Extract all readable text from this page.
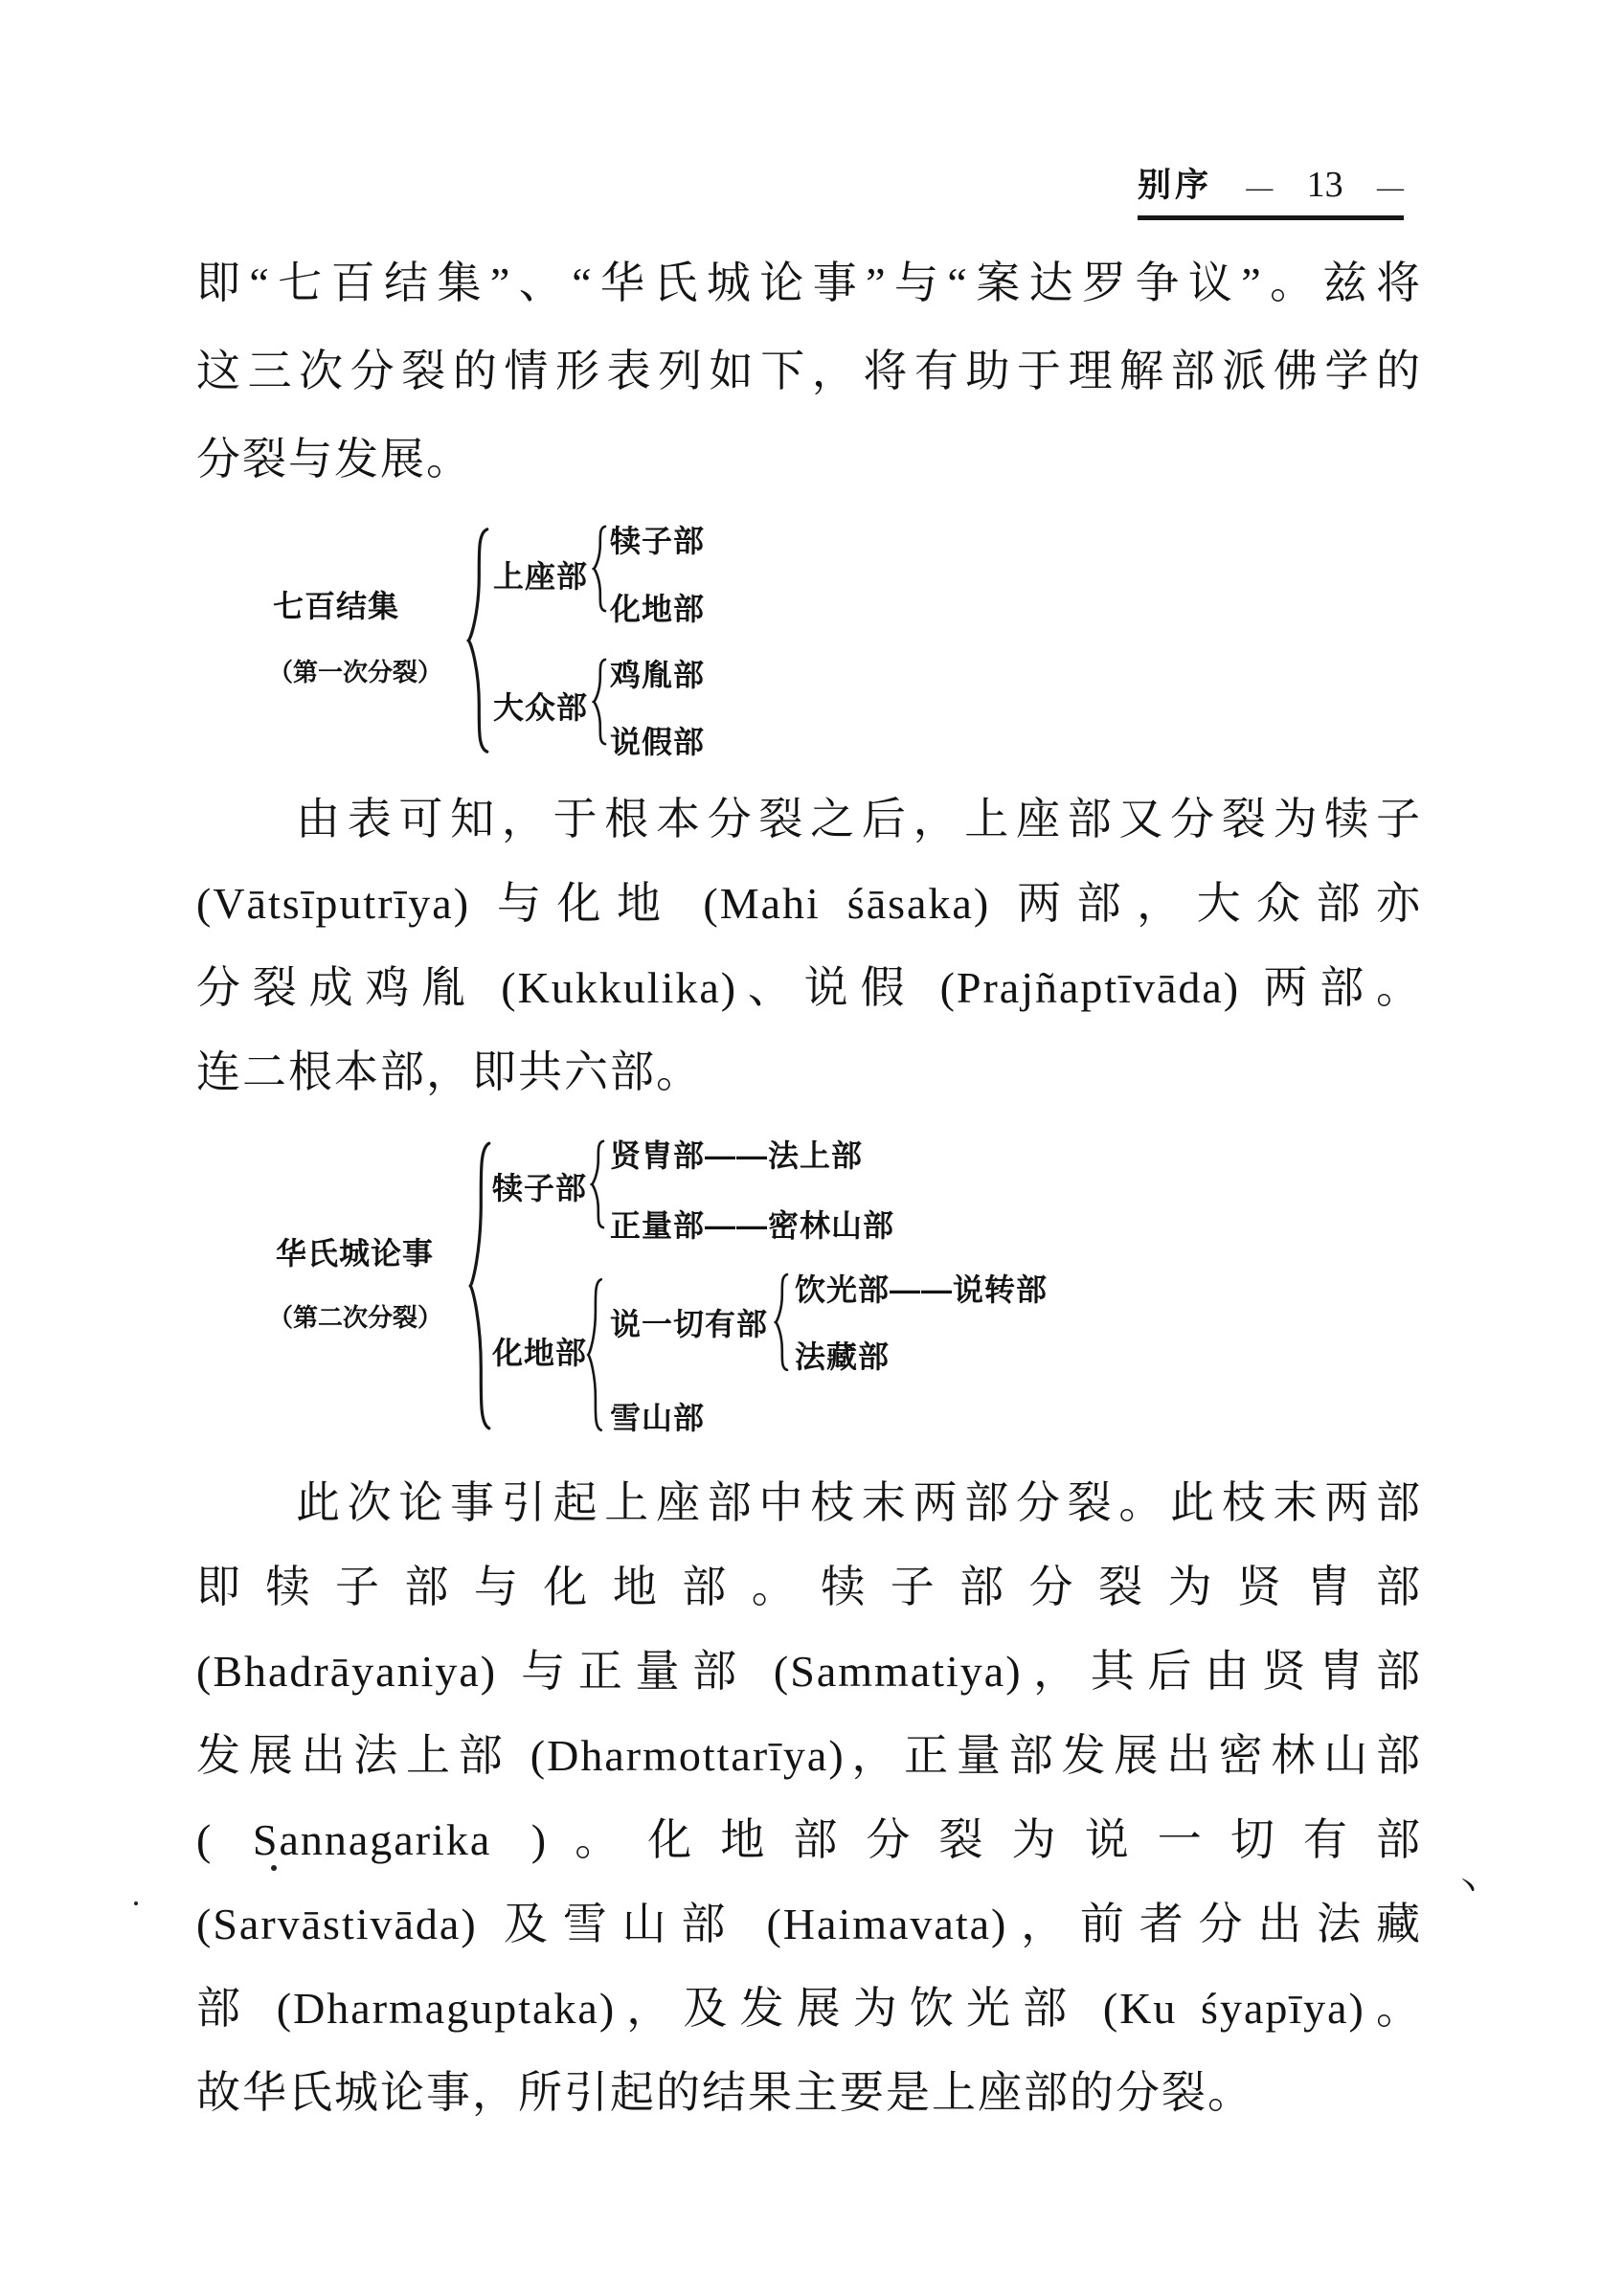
别序 — 13 —
即“七百结集”、“华氏城论事”与“案达罗争议”。兹将
这三次分裂的情形表列如下，将有助于理解部派佛学的
分裂与发展。
七百结集
（第一次分裂）
上座部
犊子部
化地部
大众部
鸡胤部
说假部
由表可知，于根本分裂之后，上座部又分裂为犊子
(Vātsīputrīya) 与化地 (Mahi śāsaka) 两部，大众部亦
分裂成鸡胤 (Kukkulika)、说假 (Prajñaptīvāda) 两部。
连二根本部，即共六部。
华氏城论事
（第二次分裂）
犊子部
贤胄部——法上部
正量部——密林山部
化地部
说一切有部
饮光部——说转部
法藏部
雪山部
此次论事引起上座部中枝末两部分裂。此枝末两部
即犊子部与化地部。犊子部分裂为贤胄部
(Bhadrāyaniya) 与正量部 (Sammatiya)，其后由贤胄部
发展出法上部 (Dharmottarīya)，正量部发展出密林山部
( Sannagarika )。化地部分裂为说一切有部
(Sarvāstivāda) 及雪山部 (Haimavata)，前者分出法藏
部 (Dharmaguptaka)，及发展为饮光部 (Ku śyapīya)。
故华氏城论事，所引起的结果主要是上座部的分裂。
丶
